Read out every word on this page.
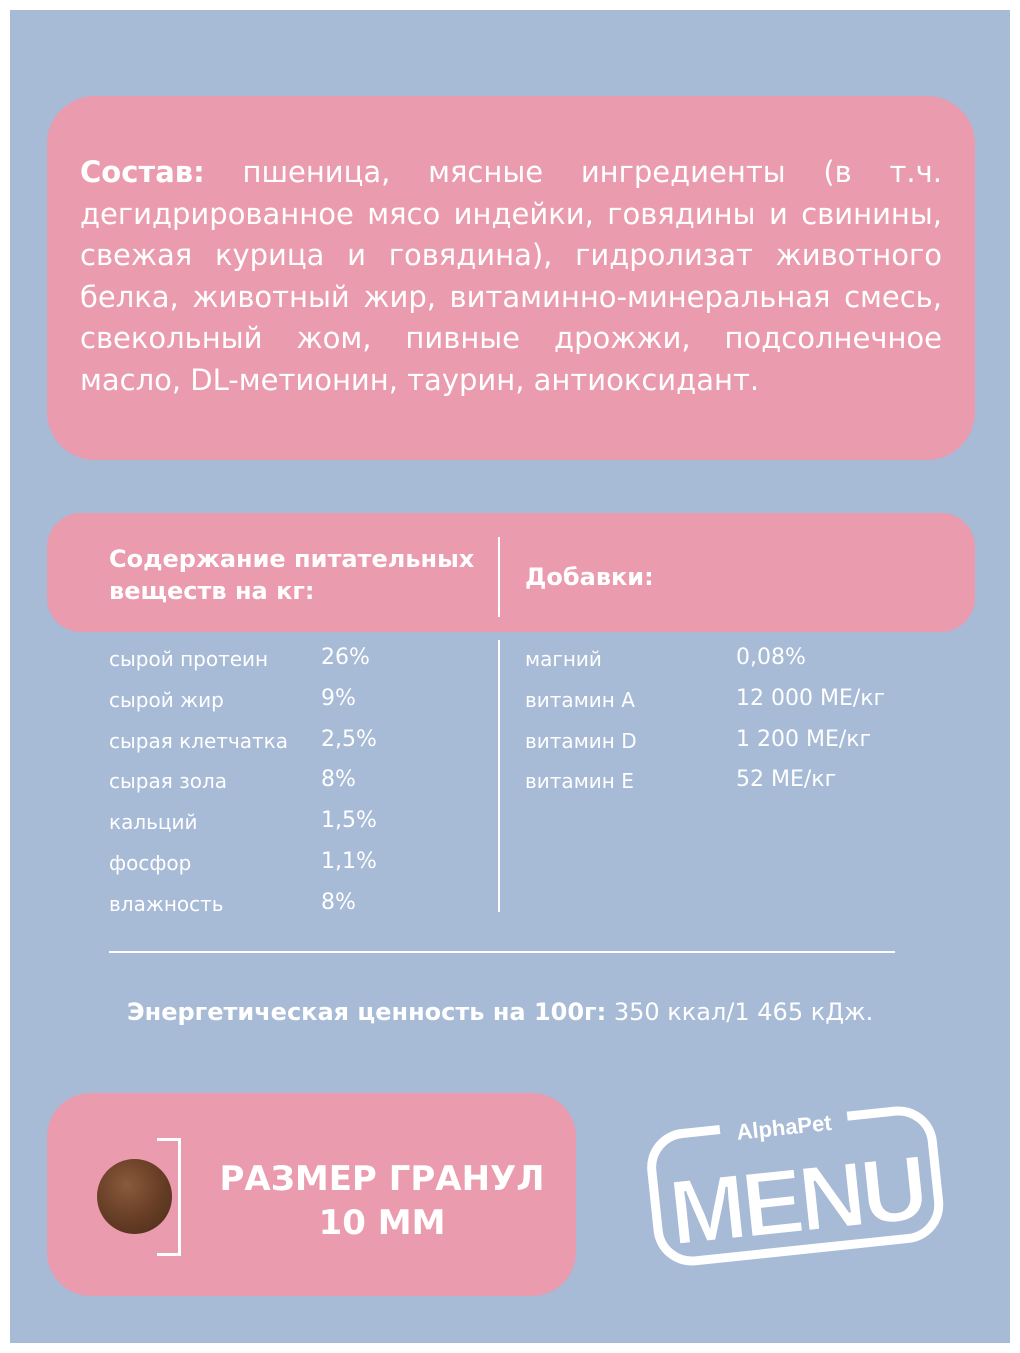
Состав: пшеница, мясные ингредиенты (в т.ч. дегидрированное мясо индейки, говядины и свинины, свежая курица и говядина), гидролизат животного белка, животный жир, витаминно-минеральная смесь, свекольный жом, пивные дрожжи, подсолнечное масло, DL-метионин, таурин, антиоксидант.

Содержание питательных
веществ на кг:	Добавки:

сырой протеин 26%
сырой жир	9%
сырая клетчатка 2,5%
сырая зола	8%
кальций	1,5%
фосфор	1,1%
влажность	8%
магний	0,08%
витамин А	12 000 МЕ/кг
витамин D	1 200 МЕ/кг
витамин Е	52 МЕ/кг

Энергетическая ценность на 100г: 350 ккал/1 465 кДж.

РАЗМЕР ГРАНУЛ
10 ММ

AlphaPet
MENU
